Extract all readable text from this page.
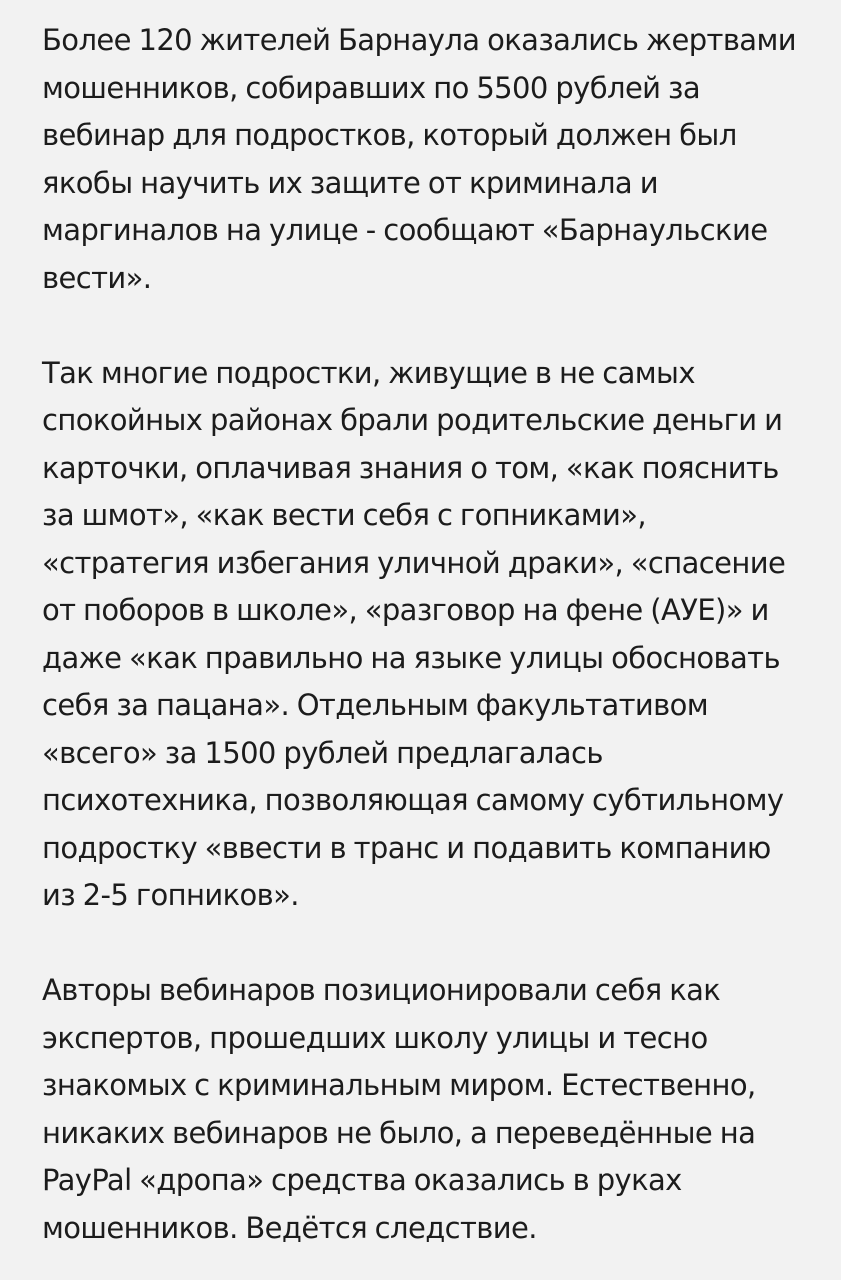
Более 120 жителей Барнаула оказались жертвами
мошенников, собиравших по 5500 рублей за
вебинар для подростков, который должен был
якобы научить их защите от криминала и
маргиналов на улице - сообщают «Барнаульские
вести».

Так многие подростки, живущие в не самых
спокойных районах брали родительские деньги и
карточки, оплачивая знания о том, «как пояснить
за шмот», «как вести себя с гопниками»,
«стратегия избегания уличной драки», «спасение
от поборов в школе», «разговор на фене (АУЕ)» и
даже «как правильно на языке улицы обосновать
себя за пацана». Отдельным факультативом
«всего» за 1500 рублей предлагалась
психотехника, позволяющая самому субтильному
подростку «ввести в транс и подавить компанию
из 2-5 гопников».

Авторы вебинаров позиционировали себя как
экспертов, прошедших школу улицы и тесно
знакомых с криминальным миром. Естественно,
никаких вебинаров не было, а переведённые на
PayPal «дропа» средства оказались в руках
мошенников. Ведётся следствие.
